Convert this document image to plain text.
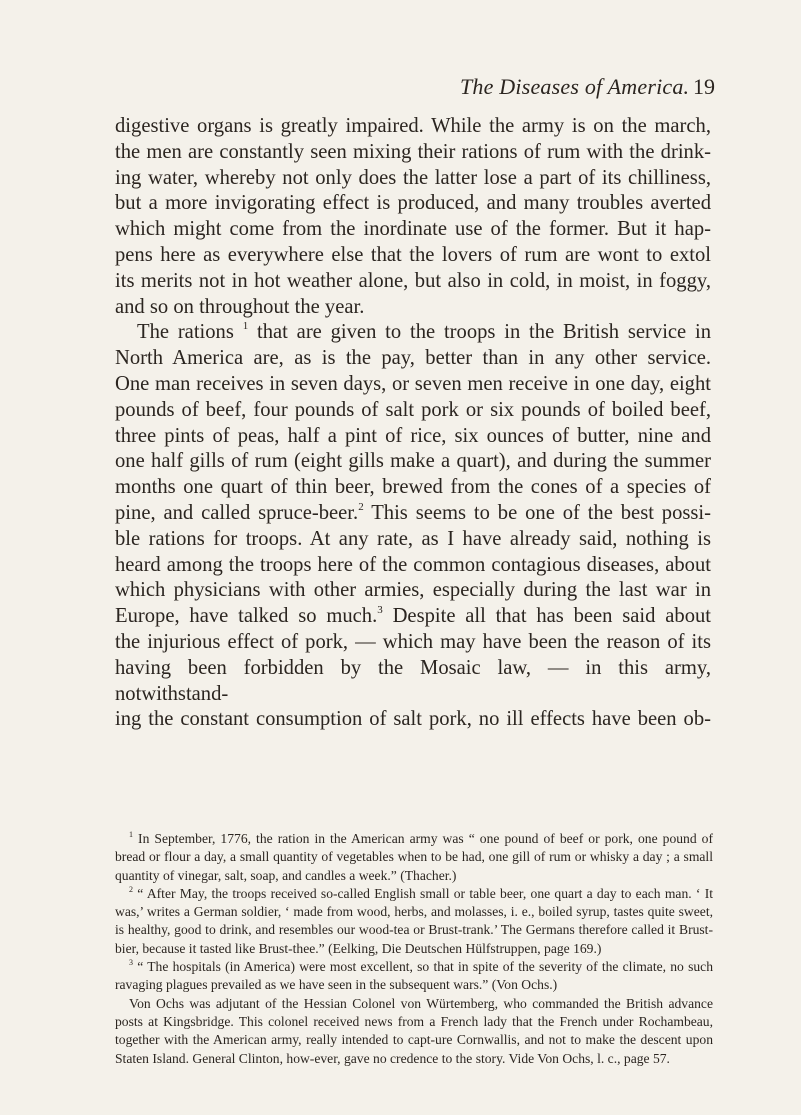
The Diseases of America. 19

digestive organs is greatly impaired. While the army is on the march,

the men are constantly seen mixing their rations of rum with the drink-

ing water, whereby not only does the latter lose a part of its chilliness,

but a more invigorating effect is produced, and many troubles averted

which might come from the inordinate use of the former. But it hap-

pens here as everywhere else that the lovers of rum are wont to extol

its merits not in hot weather alone, but also in cold, in moist, in foggy,

and so on throughout the year.

The rations $^1$ that are given to the troops in the British service in

North America are, as is the pay, better than in any other service.

One man receives in seven days, or seven men receive in one day, eight

pounds of beef, four pounds of salt pork or six pounds of boiled beef,

three pints of peas, half a pint of rice, six ounces of butter, nine and

one half gills of rum (eight gills make a quart), and during the summer

months one quart of thin beer, brewed from the cones of a species of

pine, and called spruce-beer.$^2$ This seems to be one of the best possi-

ble rations for troops. At any rate, as I have already said, nothing is

heard among the troops here of the common contagious diseases, about

which physicians with other armies, especially during the last war in

Europe, have talked so much.$^3$ Despite all that has been said about

the injurious effect of pork, — which may have been the reason of its

having been forbidden by the Mosaic law, — in this army, notwithstand-

ing the constant consumption of salt pork, no ill effects have been ob-

$^1$ In September, 1776, the ration in the American army was “ one pound of beef or pork, one pound of bread or flour a day, a small quantity of vegetables when to be had, one gill of rum or whisky a day ; a small quantity of vinegar, salt, soap, and candles a week.” (Thacher.)

$^2$ “ After May, the troops received so-called English small or table beer, one quart a day to each man. ‘ It was,’ writes a German soldier, ‘ made from wood, herbs, and molasses, i. e., boiled syrup, tastes quite sweet, is healthy, good to drink, and resembles our wood-tea or Brust-trank.’ The Germans therefore called it Brust-bier, because it tasted like Brust-thee.” (Eelking, Die Deutschen Hülfstruppen, page 169.)

$^3$ “ The hospitals (in America) were most excellent, so that in spite of the severity of the climate, no such ravaging plagues prevailed as we have seen in the subsequent wars.” (Von Ochs.)

Von Ochs was adjutant of the Hessian Colonel von Würtemberg, who commanded the British advance posts at Kingsbridge. This colonel received news from a French lady that the French under Rochambeau, together with the American army, really intended to capt-ure Cornwallis, and not to make the descent upon Staten Island. General Clinton, how-ever, gave no credence to the story. Vide Von Ochs, l. c., page 57.
